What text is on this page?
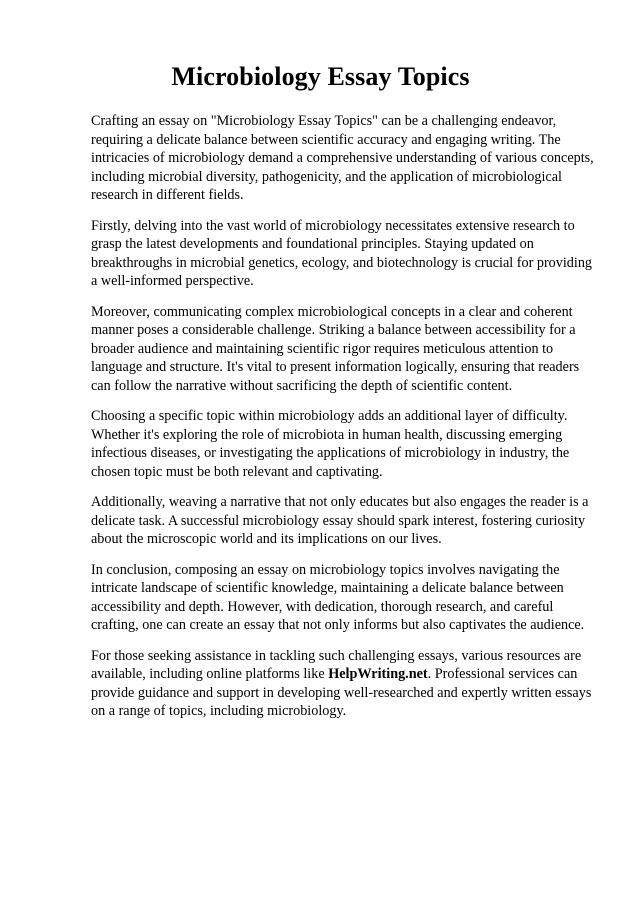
Microbiology Essay Topics

Crafting an essay on "Microbiology Essay Topics" can be a challenging endeavor, requiring a delicate balance between scientific accuracy and engaging writing. The intricacies of microbiology demand a comprehensive understanding of various concepts, including microbial diversity, pathogenicity, and the application of microbiological research in different fields.

Firstly, delving into the vast world of microbiology necessitates extensive research to grasp the latest developments and foundational principles. Staying updated on breakthroughs in microbial genetics, ecology, and biotechnology is crucial for providing a well-informed perspective.

Moreover, communicating complex microbiological concepts in a clear and coherent manner poses a considerable challenge. Striking a balance between accessibility for a broader audience and maintaining scientific rigor requires meticulous attention to language and structure. It's vital to present information logically, ensuring that readers can follow the narrative without sacrificing the depth of scientific content.

Choosing a specific topic within microbiology adds an additional layer of difficulty. Whether it's exploring the role of microbiota in human health, discussing emerging infectious diseases, or investigating the applications of microbiology in industry, the chosen topic must be both relevant and captivating.

Additionally, weaving a narrative that not only educates but also engages the reader is a delicate task. A successful microbiology essay should spark interest, fostering curiosity about the microscopic world and its implications on our lives.

In conclusion, composing an essay on microbiology topics involves navigating the intricate landscape of scientific knowledge, maintaining a delicate balance between accessibility and depth. However, with dedication, thorough research, and careful crafting, one can create an essay that not only informs but also captivates the audience.

For those seeking assistance in tackling such challenging essays, various resources are available, including online platforms like HelpWriting.net. Professional services can provide guidance and support in developing well-researched and expertly written essays on a range of topics, including microbiology.
